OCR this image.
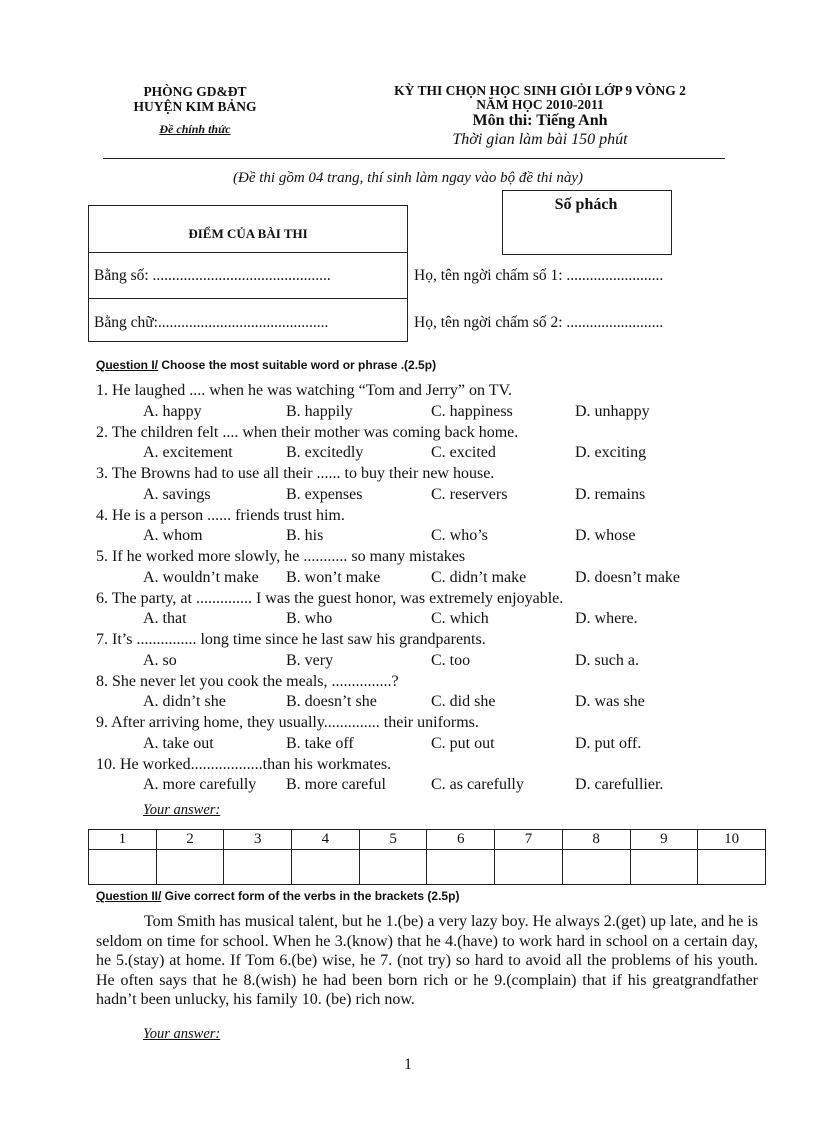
PHÒNG GD&ĐT
HUYỆN KIM BẢNG
Đề chính thức
KỲ THI CHỌN HỌC SINH GIỎI LỚP 9 VÒNG 2
NĂM HỌC 2010-2011
Môn thi: Tiếng Anh
Thời gian làm bài 150 phút
(Đề thi gồm 04 trang, thí sinh làm ngay vào bộ đề thi này)
ĐIỂM CỦA BÀI THI
Bằng số: ..............................................
Bằng chữ:............................................
Số phách
Họ, tên ngời chấm số 1: .........................
Họ, tên ngời chấm số 2: .........................
Question I/ Choose the most suitable word or phrase .(2.5p)
1. He laughed .... when he was watching “Tom and Jerry” on TV.
A. happy	B. happily	C. happiness	D. unhappy
2. The children felt .... when their mother was coming back home.
A. excitement	B. excitedly	C. excited	D. exciting
3. The Browns had to use all their ...... to buy their new house.
A. savings	B. expenses	C. reservers	D. remains
4. He is a person ...... friends trust him.
A. whom	B. his	C. who’s	D. whose
5. If he worked more slowly, he ........... so many mistakes
A. wouldn’t make B. won’t make	C. didn’t make	D. doesn’t make
6. The party, at .............. I was the guest honor, was extremely enjoyable.
A. that	B. who	C. which	D. where.
7. It’s ............... long time since he last saw his grandparents.
A. so	B. very	C. too	D. such a.
8. She never let you cook the meals, ...............?
A. didn’t she	B. doesn’t she	C. did she	D. was she
9. After arriving home, they usually.............. their uniforms.
A. take out	B. take off	C. put out	D. put off.
10. He worked..................than his workmates.
A. more carefully B. more careful	C. as carefully	D. carefullier.
Your answer:
1	2	3	4	5	6	7	8	9	10

Question II/ Give correct form of the verbs in the brackets (2.5p)
Tom Smith has musical talent, but he 1.(be) a very lazy boy. He always 2.(get) up late, and he is seldom on time for school. When he 3.(know) that he 4.(have) to work hard in school on a certain day, he 5.(stay) at home. If Tom 6.(be) wise, he 7. (not try) so hard to avoid all the problems of his youth. He often says that he 8.(wish) he had been born rich or he 9.(complain) that if his greatgrandfather hadn’t been unlucky, his family 10. (be) rich now.
Your answer:
1
